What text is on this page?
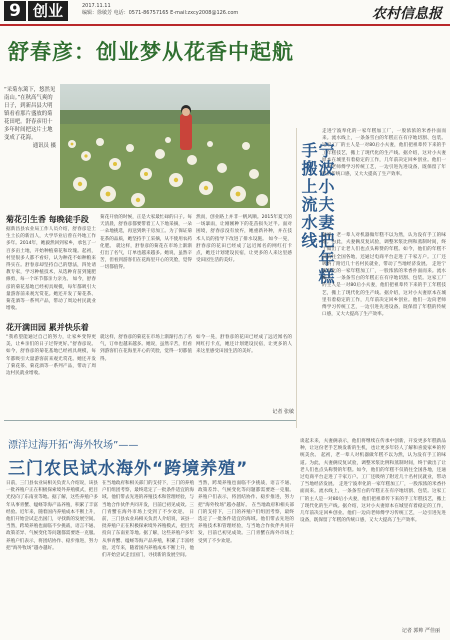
9 创业	2017.11.11
编辑：徐敏芳 电话：0571-86757165 E-mail:zxcy2008@126.com	农村信息报
舒春彦：创业梦从花香中起航
“采菊东篱下，悠然见南山。”在秋高气爽的日子，到新昌县大明镇看看那片盛放的菊花田吧。舒春彦用十多年时间把这片土地变成了花海。
通讯员 摄
菊花引生香 每晚徒手段
花开满田园 累并快乐着
据新昌县农业局工作人员介绍，舒春彦是土生土长的新昌人，大学毕业后曾在外地工作多年。2014年，她毅然回到家乡，承包了一百多亩土地，开始种植菊花和玫瑰。起初，村里很多人都不看好，认为种花不如种粮来得实在。舒春彦却坚持自己的想法，四处请教专家，学习种植技术，从选种育苗到施肥修剪，每一个环节都亲力亲为。 如今，舒春彦的菊花基地已经初具规模，每年都吸引大量游客前来观光赏花。她还开发了菊花茶、菊花酒等一系列产品，带动了周边村民就业增收。
菊花开放的时候，正是大家最忙碌的日子。每天清晨，舒春彦都要带着工人下地采摘，一朵一朵地挑选，再送到烘干房加工。为了保证菊花茶的品质，她坚持手工采摘，从不使用农药化肥。 就这样，舒春彦的菊花在市场上渐渐打出了名气，订单也越来越多。她说，虽然辛苦，但看到游客们在花海里开心的笑脸，觉得一切都值得。
然而，创业路上并非一帆风顺。2015年夏天的一场暴雨，让刚刚种下的花苗损失过半。面对困境，舒春彦没有放弃，她重新补种，并在技术人员的指导下改进了排水设施。 如今一晃，舒春彦的花田已经成了远近闻名的网红打卡点，她还计划建设民宿，让更多的人来这里感受田园生活的美好。
“我希望能通过自己的努力，让家乡变得更美，让乡亲们的日子过得更好。”舒春彦说。 如今，舒春彦的菊花基地已经初具规模，每年都吸引大量游客前来观光赏花。她还开发了菊花茶、菊花酒等一系列产品，带动了周边村民就业增收。
就这样，舒春彦的菊花在市场上渐渐打出了名气，订单也越来越多。她说，虽然辛苦，但看到游客们在花海里开心的笑脸，觉得一切都值得。
如今一晃，舒春彦的花田已经成了远近闻名的网红打卡点，她还计划建设民宿，让更多的人来这里感受田园生活的美好。
记者 张敏
走进宁波奉化的一家年糕加工厂，一股浓浓的米香扑面而来。流水线上，一条条雪白的年糕正在有序地切割、包装。这家工厂的主人是一对80后小夫妻，他们把祖辈传下来的手工年糕技艺，搬上了现代化的生产线。据介绍，这对小夫妻原本在城里有着稳定的工作，几年前决定回乡创业。他们一边向老师傅学习传统工艺，一边引进先进设备，既保留了年糕的传统口感，又大大提高了生产效率。
宁波小夫妻把年糕手搬上流水线 起初，老一辈人对机器做年糕不以为然，认为没有手工的味道。为此，夫妻俩反复试验，调整米浆比例和蒸制时间，终于做出了让老人们也点头称赞的年糕。如今，他们的年糕不仅销往全国各地，还通过电商平台走进了千家万户。工厂还吸纳了附近几十名村民就业，带动了当地经济发展。 走进宁波奉化的一家年糕加工厂，一股浓浓的米香扑面而来。流水线上，一条条雪白的年糕正在有序地切割、包装。这家工厂的主人是一对80后小夫妻，他们把祖辈传下来的手工年糕技艺，搬上了现代化的生产线。据介绍，这对小夫妻原本在城里有着稳定的工作，几年前决定回乡创业。他们一边向老师傅学习传统工艺，一边引进先进设备，既保留了年糕的传统口感，又大大提高了生产效率。
谈起未来，夫妻俩表示，他们将继续在传承中创新，开发更多年糕新品种，让这份老手艺焕发新的生机，也让更多年轻人了解和喜爱家乡的传统美食。 起初，老一辈人对机器做年糕不以为然，认为没有手工的味道。为此，夫妻俩反复试验，调整米浆比例和蒸制时间，终于做出了让老人们也点头称赞的年糕。如今，他们的年糕不仅销往全国各地，还通过电商平台走进了千家万户。工厂还吸纳了附近几十名村民就业，带动了当地经济发展。 走进宁波奉化的一家年糕加工厂，一股浓浓的米香扑面而来。流水线上，一条条雪白的年糕正在有序地切割、包装。这家工厂的主人是一对80后小夫妻，他们把祖辈传下来的手工年糕技艺，搬上了现代化的生产线。据介绍，这对小夫妻原本在城里有着稳定的工作，几年前决定回乡创业。他们一边向老师傅学习传统工艺，一边引进先进设备，既保留了年糕的传统口感，又大大提高了生产效率。
记者 郭帅 严佳丽
漂洋过海开拓“海外牧场”——
三门农民试水海外“跨境养殖”
日前，三门县农业局相关负责人介绍说，该县一批养殖户正在积极探索境外养殖模式，把目光投向了东南亚等地。据了解，这些养殖户多年从事青蟹、缢蛏等海产品养殖，积累了丰富经验。近年来，随着国内养殖成本不断上升，他们开始尝试走出国门，寻找新的发展空间。 当然，跨境养殖也面临不少挑战，语言不通、政策差异、气候变化等问题都需要逐一克服。养殖户们表示，将团结协作、稳步推进，努力把“海外牧场”越办越好。
在当地政府和相关部门的支持下，三门的养殖户们组团考察，最终选定了一批条件适宜的海域。他们带去先进的养殖技术和管理经验，与当地合作伙伴共同开发，目前已初见成效。三门青蟹在海外市场上受到了不少欢迎。 日前，三门县农业局相关负责人介绍说，该县一批养殖户正在积极探索境外养殖模式，把目光投向了东南亚等地。据了解，这些养殖户多年从事青蟹、缢蛏等海产品养殖，积累了丰富经验。近年来，随着国内养殖成本不断上升，他们开始尝试走出国门，寻找新的发展空间。
当然，跨境养殖也面临不少挑战，语言不通、政策差异、气候变化等问题都需要逐一克服。养殖户们表示，将团结协作、稳步推进，努力把“海外牧场”越办越好。 在当地政府和相关部门的支持下，三门的养殖户们组团考察，最终选定了一批条件适宜的海域。他们带去先进的养殖技术和管理经验，与当地合作伙伴共同开发，目前已初见成效。三门青蟹在海外市场上受到了不少欢迎。
